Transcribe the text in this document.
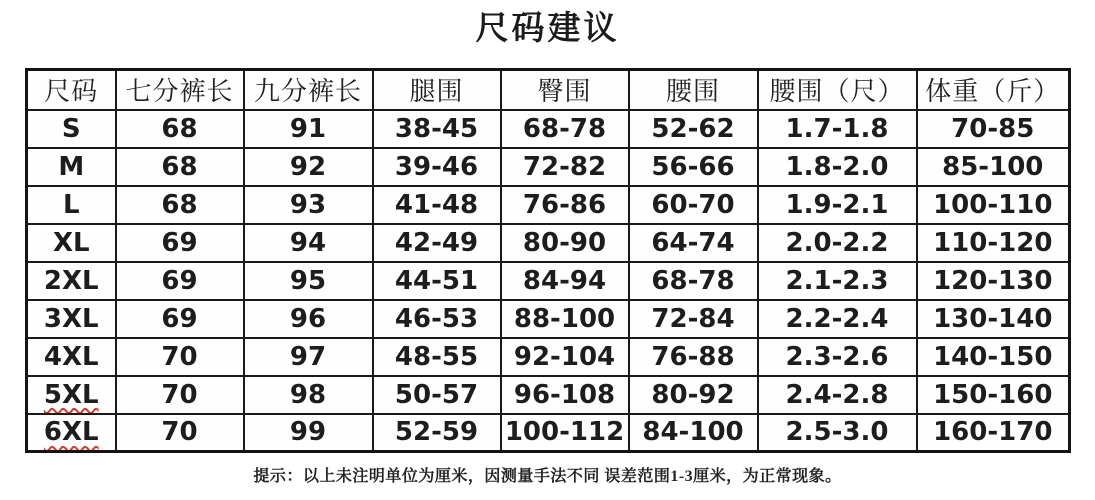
尺码建议
尺码	七分裤长	九分裤长	腿围	臀围	腰围	腰围（尺）	体重（斤）
S	68	91	38-45	68-78	52-62	1.7-1.8	70-85
M	68	92	39-46	72-82	56-66	1.8-2.0	85-100
L	68	93	41-48	76-86	60-70	1.9-2.1	100-110
XL	69	94	42-49	80-90	64-74	2.0-2.2	110-120
2XL	69	95	44-51	84-94	68-78	2.1-2.3	120-130
3XL	69	96	46-53	88-100	72-84	2.2-2.4	130-140
4XL	70	97	48-55	92-104	76-88	2.3-2.6	140-150
5XL	70	98	50-57	96-108	80-92	2.4-2.8	150-160
6XL	70	99	52-59	100-112	84-100	2.5-3.0	160-170
提示：以上未注明单位为厘米，因测量手法不同 误差范围1-3厘米，为正常现象。
